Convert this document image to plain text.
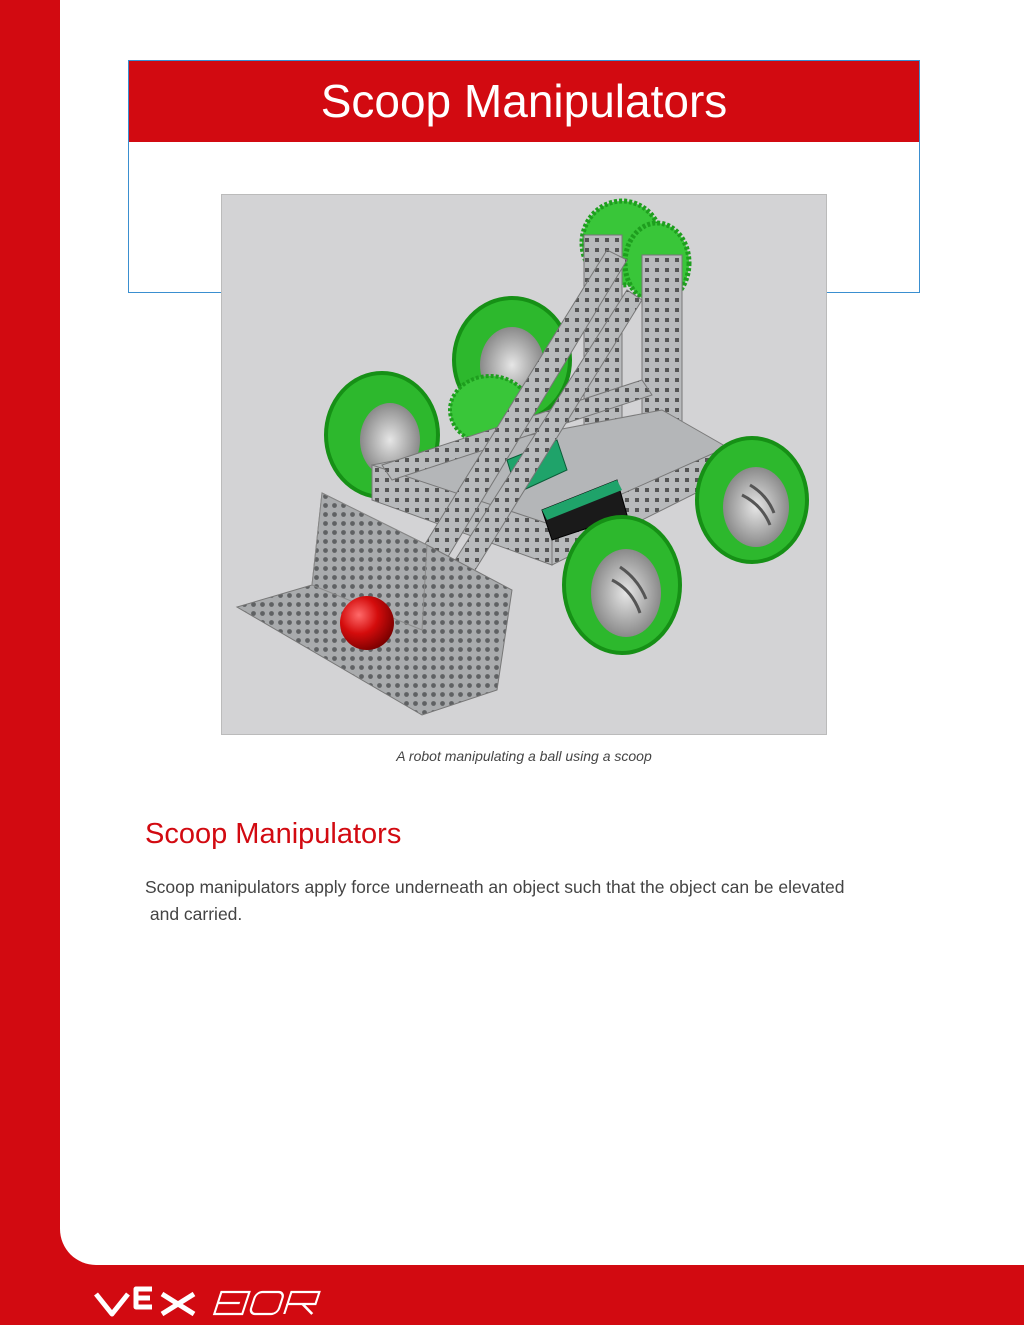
Scoop Manipulators
A robot manipulating a ball using a scoop
Scoop Manipulators
Scoop manipulators apply force underneath an object such that the object can be elevated
and carried.
